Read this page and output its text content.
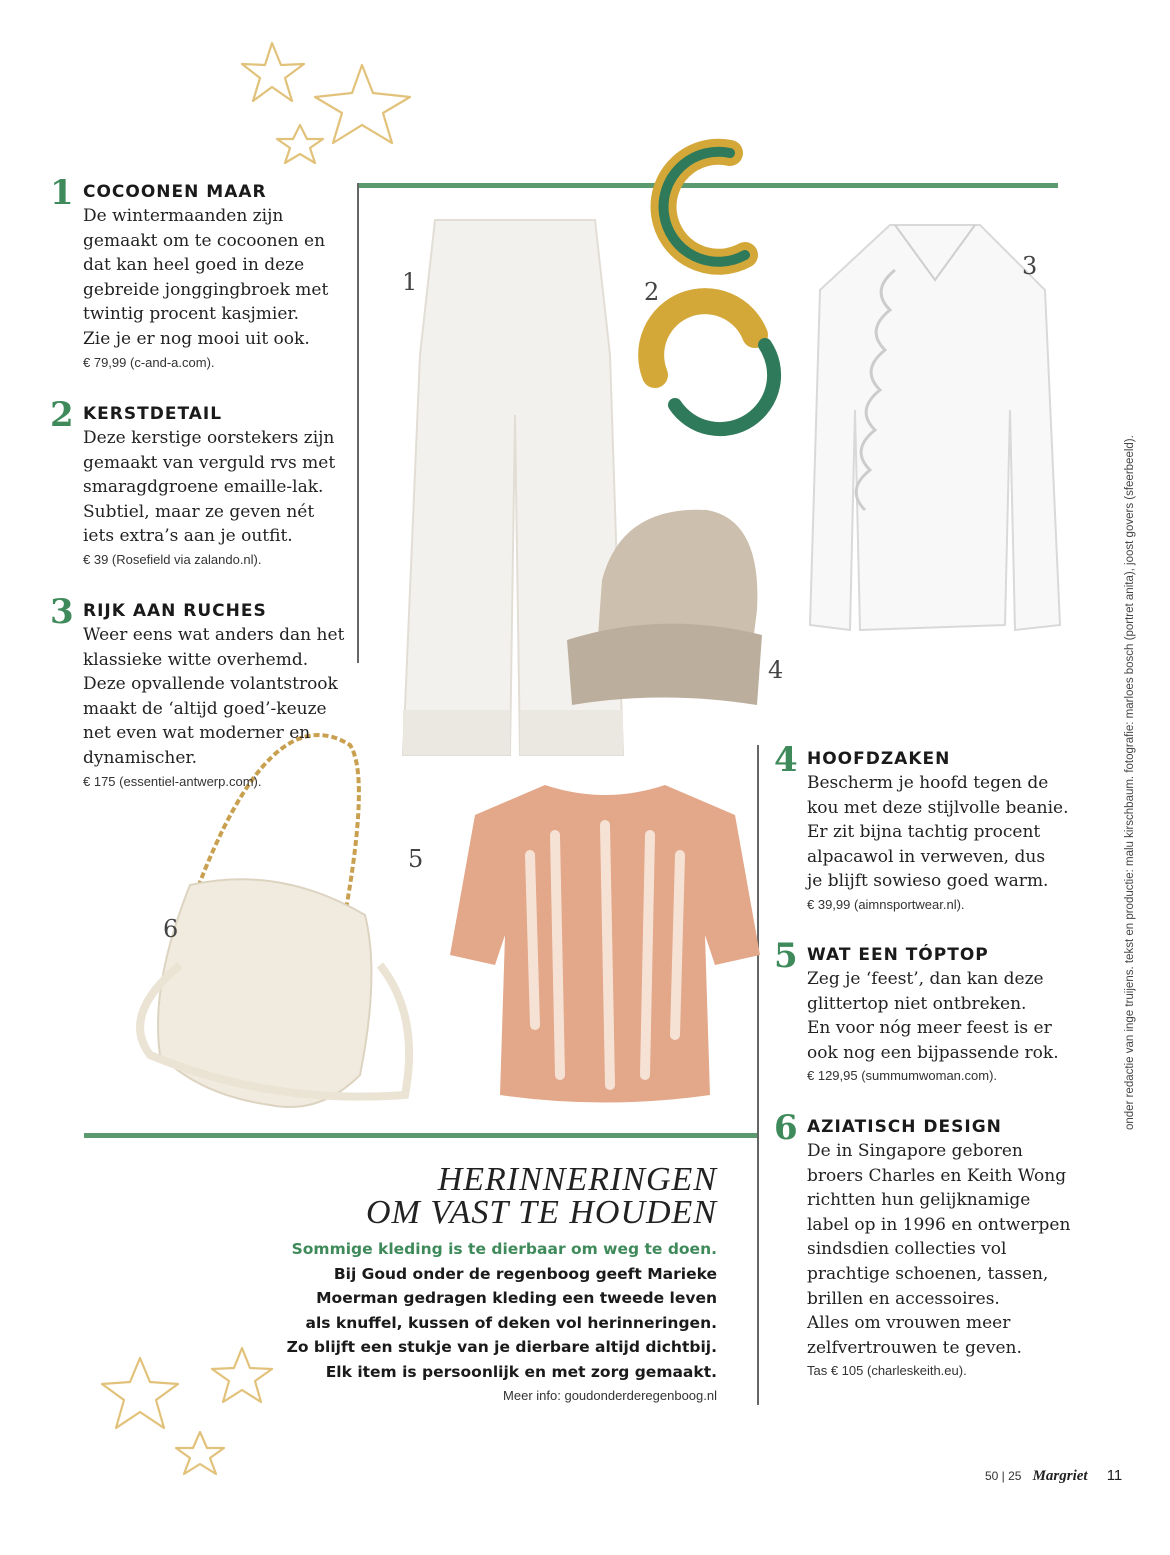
1	2
3
4
5
6
1 COCOONEN MAAR
De wintermaanden zijn
gemaakt om te cocoonen en
dat kan heel goed in deze
gebreide jonggingbroek met
twintig procent kasjmier.
Zie je er nog mooi uit ook.
€ 79,99 (c-and-a.com).
2 KERSTDETAIL
Deze kerstige oorstekers zijn
gemaakt van verguld rvs met
smaragdgroene emaille-lak.
Subtiel, maar ze geven nét
iets extra’s aan je outfit.
€ 39 (Rosefield via zalando.nl).
3 RIJK AAN RUCHES
Weer eens wat anders dan het
klassieke witte overhemd.
Deze opvallende volantstrook
maakt de ‘altijd goed’-keuze
net even wat moderner en
dynamischer.
€ 175 (essentiel-antwerp.com).
4 HOOFDZAKEN
Bescherm je hoofd tegen de
kou met deze stijlvolle beanie.
Er zit bijna tachtig procent
alpacawol in verweven, dus
je blijft sowieso goed warm.
€ 39,99 (aimnsportwear.nl).
5 WAT EEN TÓPTOP
Zeg je ‘feest’, dan kan deze
glittertop niet ontbreken.
En voor nóg meer feest is er
ook nog een bijpassende rok.
€ 129,95 (summumwoman.com).
6 AZIATISCH DESIGN
De in Singapore geboren
broers Charles en Keith Wong
richtten hun gelijknamige
label op in 1996 en ontwerpen
sindsdien collecties vol
prachtige schoenen, tassen,
brillen en accessoires.
Alles om vrouwen meer
zelfvertrouwen te geven.
Tas € 105 (charleskeith.eu).
HERINNERINGEN
OM VAST TE HOUDEN
Sommige kleding is te dierbaar om weg te doen.
Bij Goud onder de regenboog geeft Marieke
Moerman gedragen kleding een tweede leven
als knuffel, kussen of deken vol herinneringen.
Zo blijft een stukje van je dierbare altijd dichtbij.
Elk item is persoonlijk en met zorg gemaakt.
Meer info: goudonderderegenboog.nl
onder redactie van inge truijens. tekst en productie: malu kirschbaum. fotografie: marloes bosch (portret anita), joost govers (sfeerbeeld).
50 | 25 Margriet 11
